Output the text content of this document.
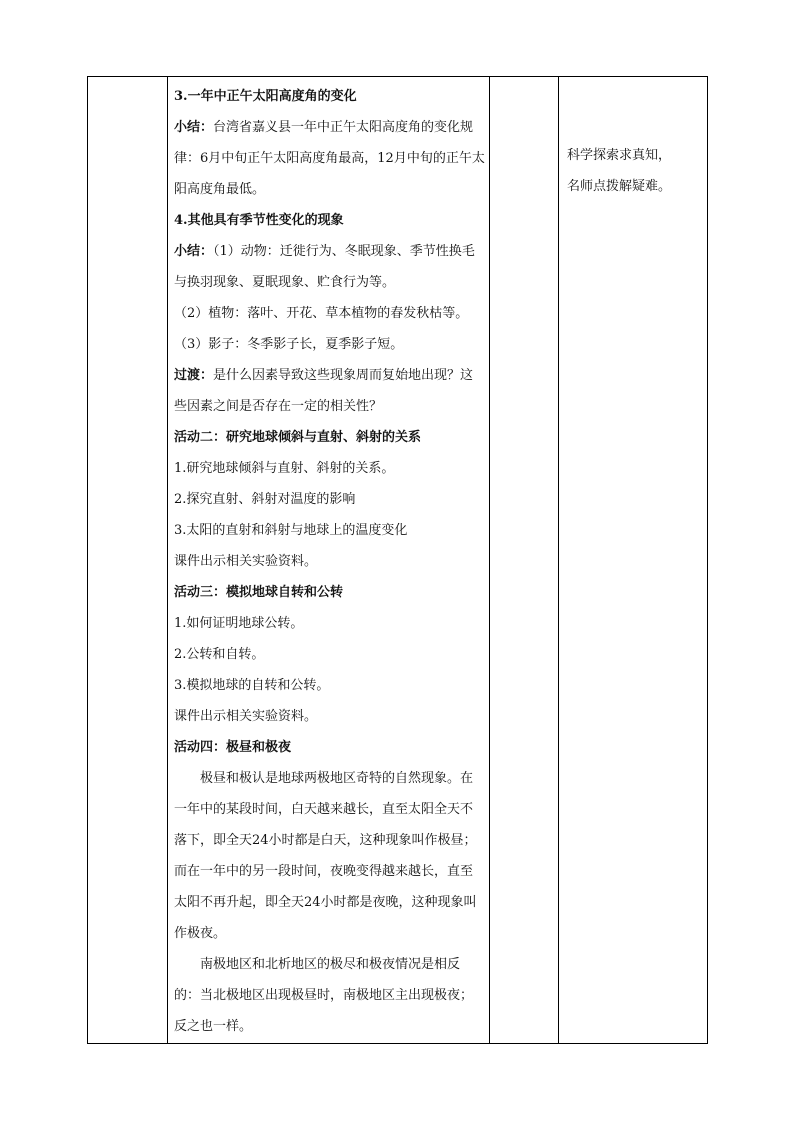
3.一年中正午太阳高度角的变化

小结：台湾省嘉义县一年中正午太阳高度角的变化规律：6月中旬正午太阳高度角最高，12月中旬的正午太阳高度角最低。

4.其他具有季节性变化的现象

小结：（1）动物：迁徙行为、冬眠现象、季节性换毛与换羽现象、夏眠现象、贮食行为等。

（2）植物：落叶、开花、草本植物的春发秋枯等。

（3）影子：冬季影子长，夏季影子短。

过渡：是什么因素导致这些现象周而复始地出现？这些因素之间是否存在一定的相关性？

活动二：研究地球倾斜与直射、斜射的关系

1.研究地球倾斜与直射、斜射的关系。

2.探究直射、斜射对温度的影响

3.太阳的直射和斜射与地球上的温度变化

课件出示相关实验资料。

活动三：模拟地球自转和公转

1.如何证明地球公转。

2.公转和自转。

3.模拟地球的自转和公转。

课件出示相关实验资料。

活动四：极昼和极夜

极昼和极认是地球两极地区奇特的自然现象。在一年中的某段时间，白天越来越长，直至太阳全天不落下，即全天24小时都是白天，这种现象叫作极昼；而在一年中的另一段时间，夜晚变得越来越长，直至太阳不再升起，即全天24小时都是夜晚，这种现象叫作极夜。

南极地区和北析地区的极尽和极夜情况是相反的：当北极地区出现极昼时，南极地区主出现极夜；反之也一样。

科学探索求真知，

名师点拨解疑难。
